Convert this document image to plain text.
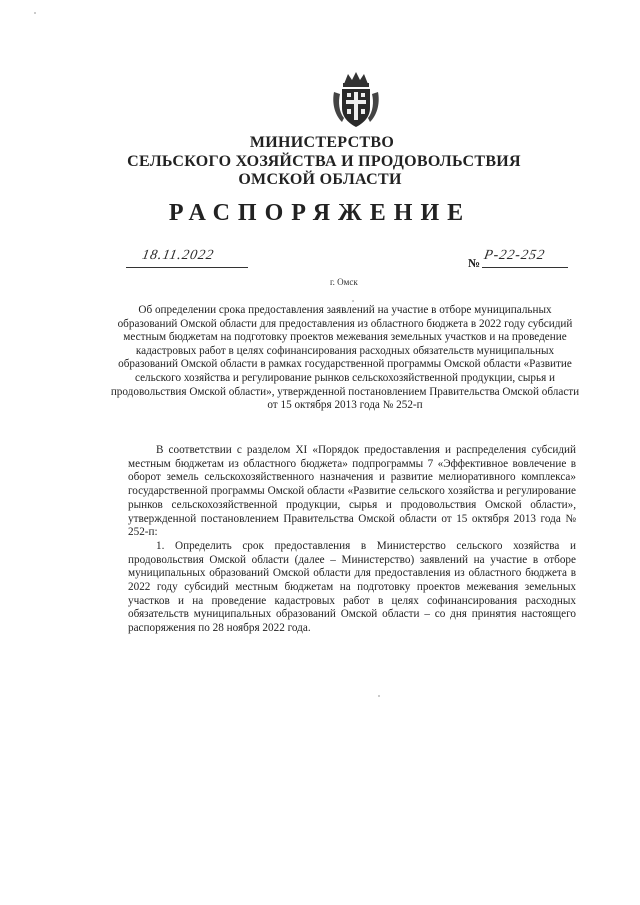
МИНИСТЕРСТВО
СЕЛЬСКОГО ХОЗЯЙСТВА И ПРОДОВОЛЬСТВИЯ
ОМСКОЙ ОБЛАСТИ
РАСПОРЯЖЕНИЕ
18.11.2022	№ Р-22-252
г. Омск
Об определении срока предоставления заявлений на участие в отборе муниципальных образований Омской области для предоставления из областного бюджета в 2022 году субсидий местным бюджетам на подготовку проектов межевания земельных участков и на проведение кадастровых работ в целях софинансирования расходных обязательств муниципальных образований Омской области в рамках государственной программы Омской области «Развитие сельского хозяйства и регулирование рынков сельскохозяйственной продукции, сырья и продовольствия Омской области», утвержденной постановлением Правительства Омской области от 15 октября 2013 года № 252-п

В соответствии с разделом XI «Порядок предоставления и распределения субсидий местным бюджетам из областного бюджета» подпрограммы 7 «Эффективное вовлечение в оборот земель сельскохозяйственного назначения и развитие мелиоративного комплекса» государственной программы Омской области «Развитие сельского хозяйства и регулирование рынков сельскохозяйственной продукции, сырья и продовольствия Омской области», утвержденной постановлением Правительства Омской области от 15 октября 2013 года № 252-п:

1. Определить срок предоставления в Министерство сельского хозяйства и продовольствия Омской области (далее – Министерство) заявлений на участие в отборе муниципальных образований Омской области для предоставления из областного бюджета в 2022 году субсидий местным бюджетам на подготовку проектов межевания земельных участков и на проведение кадастровых работ в целях софинансирования расходных обязательств муниципальных образований Омской области – со дня принятия настоящего распоряжения по 28 ноября 2022 года.
